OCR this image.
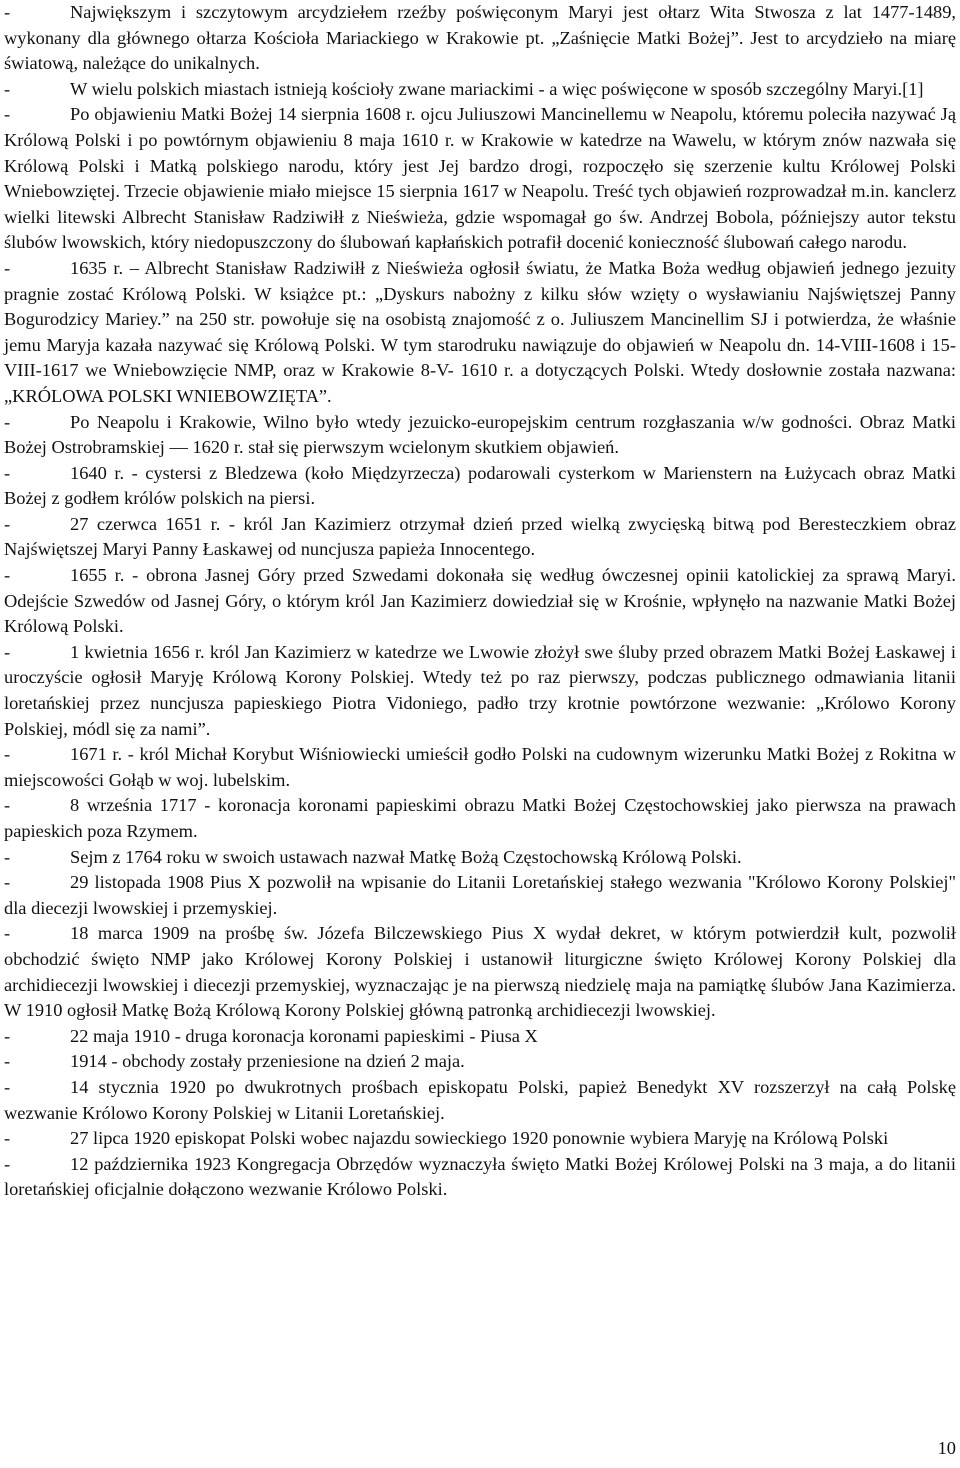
-	Największym i szczytowym arcydziełem rzeźby poświęconym Maryi jest ołtarz Wita Stwosza z lat 1477-1489, wykonany dla głównego ołtarza Kościoła Mariackiego w Krakowie pt. „Zaśnięcie Matki Bożej”. Jest to arcydzieło na miarę światową, należące do unikalnych.

-	W wielu polskich miastach istnieją kościoły zwane mariackimi - a więc poświęcone w sposób szczególny Maryi.[1]

-	Po objawieniu Matki Bożej 14 sierpnia 1608 r. ojcu Juliuszowi Mancinellemu w Neapolu, któremu poleciła nazywać Ją Królową Polski i po powtórnym objawieniu 8 maja 1610 r. w Krakowie w katedrze na Wawelu, w którym znów nazwała się Królową Polski i Matką polskiego narodu, który jest Jej bardzo drogi, rozpoczęło się szerzenie kultu Królowej Polski Wniebowziętej. Trzecie objawienie miało miejsce 15 sierpnia 1617 w Neapolu. Treść tych objawień rozprowadzał m.in. kanclerz wielki litewski Albrecht Stanisław Radziwiłł z Nieświeża, gdzie wspomagał go św. Andrzej Bobola, późniejszy autor tekstu ślubów lwowskich, który niedopuszczony do ślubowań kapłańskich potrafił docenić konieczność ślubowań całego narodu.

-	1635 r. – Albrecht Stanisław Radziwiłł z Nieświeża ogłosił światu, że Matka Boża według objawień jednego jezuity pragnie zostać Królową Polski. W książce pt.: „Dyskurs nabożny z kilku słów wzięty o wysławianiu Najświętszej Panny Bogurodzicy Mariey.” na 250 str. powołuje się na osobistą znajomość z o. Juliuszem Mancinellim SJ i potwierdza, że właśnie jemu Maryja kazała nazywać się Królową Polski. W tym starodruku nawiązuje do objawień w Neapolu dn. 14-VIII-1608 i 15-VIII-1617 we Wniebowzięcie NMP, oraz w Krakowie 8-V- 1610 r. a dotyczących Polski. Wtedy dosłownie została nazwana: „KRÓLOWA POLSKI WNIEBOWZIĘTA”.

-	Po Neapolu i Krakowie, Wilno było wtedy jezuicko-europejskim centrum rozgłaszania w/w godności. Obraz Matki Bożej Ostrobramskiej — 1620 r. stał się pierwszym wcielonym skutkiem objawień.

-	1640 r. - cystersi z Bledzewa (koło Międzyrzecza) podarowali cysterkom w Marienstern na Łużycach obraz Matki Bożej z godłem królów polskich na piersi.

-	27 czerwca 1651 r. - król Jan Kazimierz otrzymał dzień przed wielką zwycięską bitwą pod Beresteczkiem obraz Najświętszej Maryi Panny Łaskawej od nuncjusza papieża Innocentego.

-	1655 r. - obrona Jasnej Góry przed Szwedami dokonała się według ówczesnej opinii katolickiej za sprawą Maryi. Odejście Szwedów od Jasnej Góry, o którym król Jan Kazimierz dowiedział się w Krośnie, wpłynęło na nazwanie Matki Bożej Królową Polski.

-	1 kwietnia 1656 r. król Jan Kazimierz w katedrze we Lwowie złożył swe śluby przed obrazem Matki Bożej Łaskawej i uroczyście ogłosił Maryję Królową Korony Polskiej. Wtedy też po raz pierwszy, podczas publicznego odmawiania litanii loretańskiej przez nuncjusza papieskiego Piotra Vidoniego, padło trzy krotnie powtórzone wezwanie: „Królowo Korony Polskiej, módl się za nami”.

-	1671 r. - król Michał Korybut Wiśniowiecki umieścił godło Polski na cudownym wizerunku Matki Bożej z Rokitna w miejscowości Gołąb w woj. lubelskim.

-	8 września 1717 - koronacja koronami papieskimi obrazu Matki Bożej Częstochowskiej jako pierwsza na prawach papieskich poza Rzymem.

-	Sejm z 1764 roku w swoich ustawach nazwał Matkę Bożą Częstochowską Królową Polski.

-	29 listopada 1908 Pius X pozwolił na wpisanie do Litanii Loretańskiej stałego wezwania "Królowo Korony Polskiej" dla diecezji lwowskiej i przemyskiej.

-	18 marca 1909 na prośbę św. Józefa Bilczewskiego Pius X wydał dekret, w którym potwierdził kult, pozwolił obchodzić święto NMP jako Królowej Korony Polskiej i ustanowił liturgiczne święto Królowej Korony Polskiej dla archidiecezji lwowskiej i diecezji przemyskiej, wyznaczając je na pierwszą niedzielę maja na pamiątkę ślubów Jana Kazimierza. W 1910 ogłosił Matkę Bożą Królową Korony Polskiej główną patronką archidiecezji lwowskiej.

-	22 maja 1910 - druga koronacja koronami papieskimi - Piusa X

-	1914 - obchody zostały przeniesione na dzień 2 maja.

-	14 stycznia 1920 po dwukrotnych prośbach episkopatu Polski, papież Benedykt XV rozszerzył na całą Polskę wezwanie Królowo Korony Polskiej w Litanii Loretańskiej.

-	27 lipca 1920 episkopat Polski wobec najazdu sowieckiego 1920 ponownie wybiera Maryję na Królową Polski

-	12 października 1923 Kongregacja Obrzędów wyznaczyła święto Matki Bożej Królowej Polski na 3 maja, a do litanii loretańskiej oficjalnie dołączono wezwanie Królowo Polski.

10
